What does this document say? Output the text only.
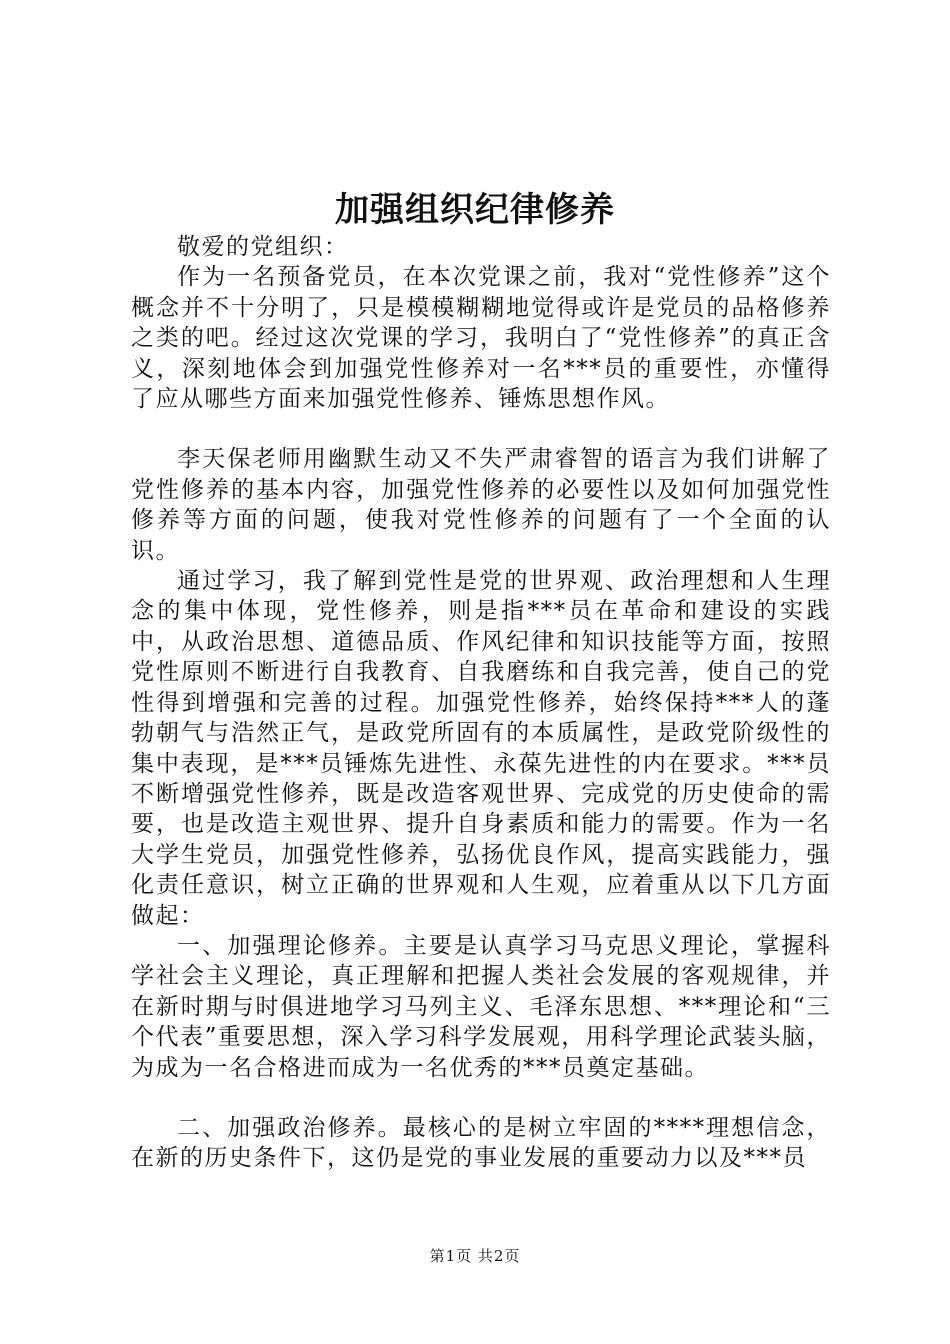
加强组织纪律修养

敬爱的党组织：

作为一名预备党员，在本次党课之前，我对“党性修养”这个概念并不十分明了，只是模模糊糊地觉得或许是党员的品格修养之类的吧。经过这次党课的学习，我明白了“党性修养”的真正含义，深刻地体会到加强党性修养对一名***员的重要性，亦懂得了应从哪些方面来加强党性修养、锤炼思想作风。

李天保老师用幽默生动又不失严肃睿智的语言为我们讲解了党性修养的基本内容，加强党性修养的必要性以及如何加强党性修养等方面的问题，使我对党性修养的问题有了一个全面的认识。

通过学习，我了解到党性是党的世界观、政治理想和人生理念的集中体现，党性修养，则是指***员在革命和建设的实践中，从政治思想、道德品质、作风纪律和知识技能等方面，按照党性原则不断进行自我教育、自我磨练和自我完善，使自己的党性得到增强和完善的过程。加强党性修养，始终保持***人的蓬勃朝气与浩然正气，是政党所固有的本质属性，是政党阶级性的集中表现，是***员锤炼先进性、永葆先进性的内在要求。***员不断增强党性修养，既是改造客观世界、完成党的历史使命的需要，也是改造主观世界、提升自身素质和能力的需要。作为一名大学生党员，加强党性修养，弘扬优良作风，提高实践能力，强化责任意识，树立正确的世界观和人生观，应着重从以下几方面做起：

一、加强理论修养。主要是认真学习马克思义理论，掌握科学社会主义理论，真正理解和把握人类社会发展的客观规律，并在新时期与时俱进地学习马列主义、毛泽东思想、***理论和“三个代表”重要思想，深入学习科学发展观，用科学理论武装头脑，为成为一名合格进而成为一名优秀的***员奠定基础。

二、加强政治修养。最核心的是树立牢固的****理想信念，在新的历史条件下，这仍是党的事业发展的重要动力以及***员

第1页 共2页
